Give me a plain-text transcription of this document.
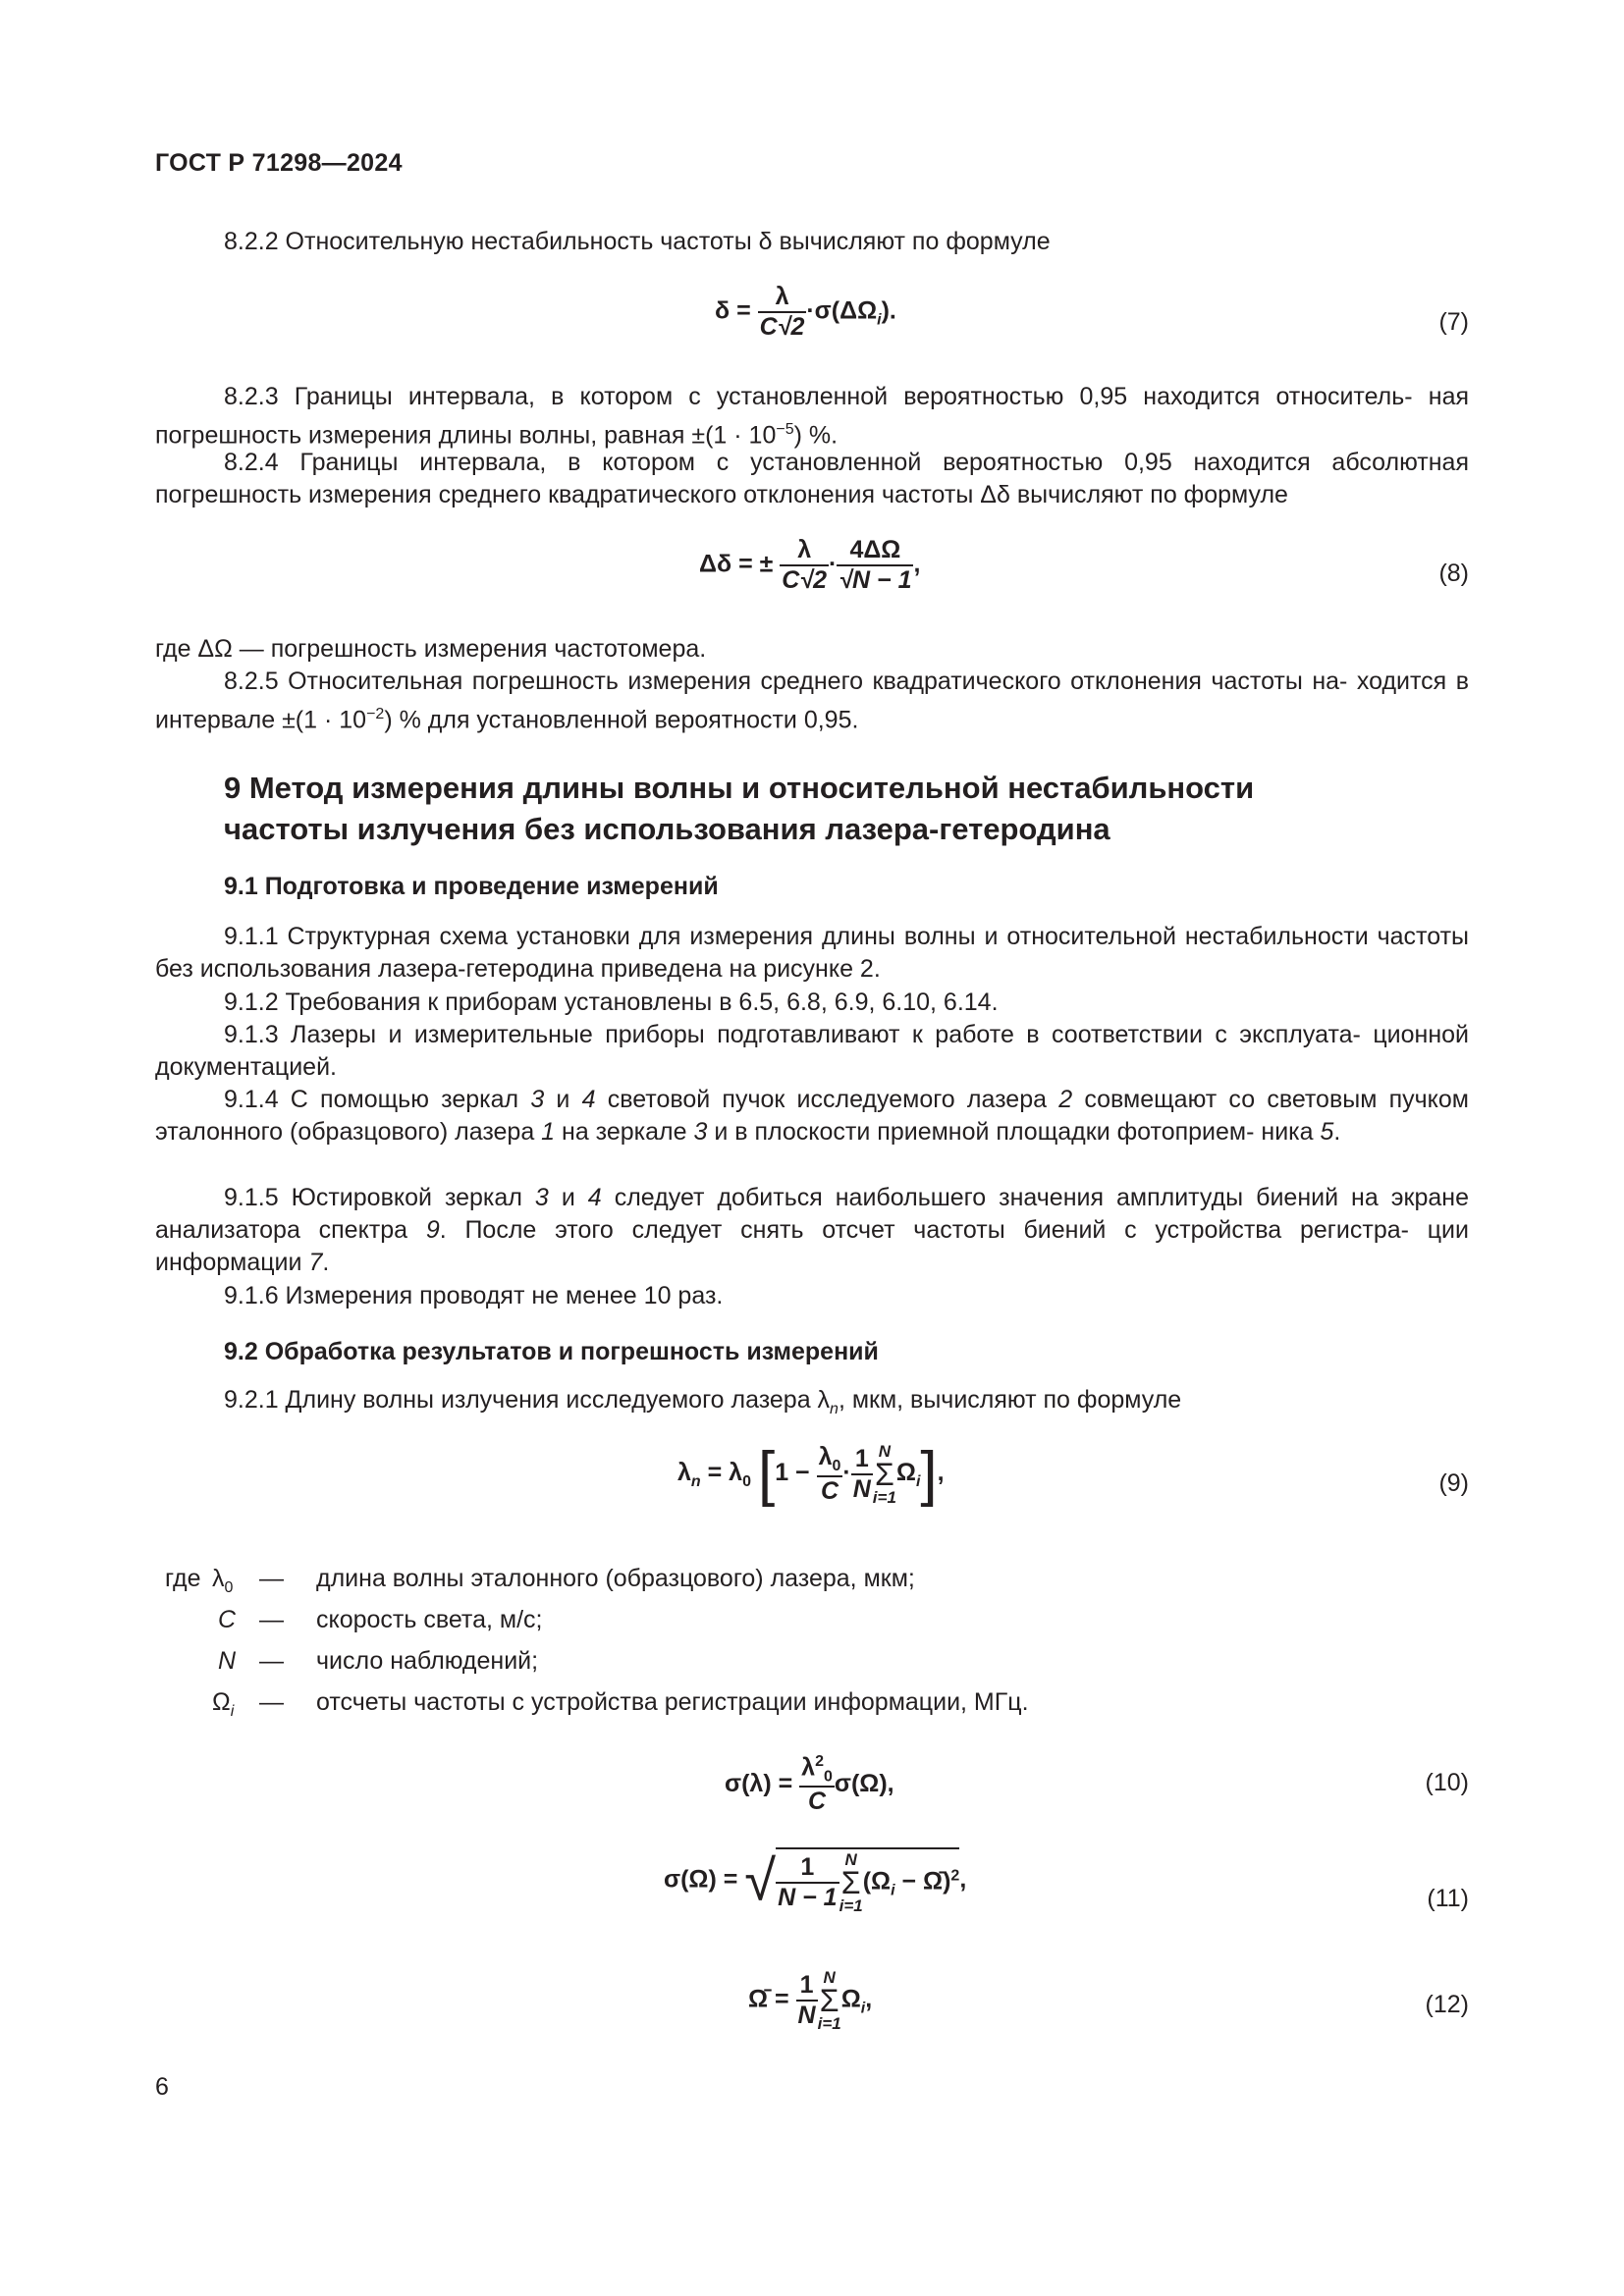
ГОСТ Р 71298—2024
8.2.2 Относительную нестабильность частоты δ вычисляют по формуле
$\delta = \frac{\lambda}{C√2} \cdot\sigma(\Delta\Omega_i)$.	(7)
8.2.3 Границы интервала, в котором с установленной вероятностью 0,95 находится относитель- ная погрешность измерения длины волны, равная $\pm(1 \cdot 10^{-5})$ %.
8.2.4 Границы интервала, в котором с установленной вероятностью 0,95 находится абсолютная погрешность измерения среднего квадратического отклонения частоты Δδ вычисляют по формуле
Δδ = ± $\frac{\lambda}{C√2} \cdot \frac{4\Delta\Omega}{√N - 1}$ ,	(8)
где ΔΩ — погрешность измерения частотомера.
8.2.5 Относительная погрешность измерения среднего квадратического отклонения частоты на- ходится в интервале $\pm(1 \cdot 10^{-2})$ % для установленной вероятности 0,95.
9 Метод измерения длины волны и относительной нестабильности
частоты излучения без использования лазера-гетеродина
9.1 Подготовка и проведение измерений
9.1.1 Структурная схема установки для измерения длины волны и относительной нестабильности частоты без использования лазера-гетеродина приведена на рисунке 2.
9.1.2 Требования к приборам установлены в 6.5, 6.8, 6.9, 6.10, 6.14.
9.1.3 Лазеры и измерительные приборы подготавливают к работе в соответствии с эксплуата- ционной документацией.
9.1.4 С помощью зеркал 3 и 4 световой пучок исследуемого лазера 2 совмещают со световым пучком эталонного (образцового) лазера 1 на зеркале 3 и в плоскости приемной площадки фотоприем- ника 5.
9.1.5 Юстировкой зеркал 3 и 4 следует добиться наибольшего значения амплитуды биений на экране анализатора спектра 9. После этого следует снять отсчет частоты биений с устройства регистра- ции информации 7.
9.1.6 Измерения проводят не менее 10 раз.
9.2 Обработка результатов и погрешность измерений
9.2.1 Длину волны излучения исследуемого лазера $\lambda_n$, мкм, вычисляют по формуле
$\lambda_n = \lambda_0$ [$1 - \frac{\lambda_0}{C} \cdot \frac{1}{N}$ N
Σ
$i=1\Omega_i$],	(9)
где $\lambda_0$ — длина волны эталонного (образцового) лазера, мкм;
C — скорость света, м/с;
N — число наблюдений;
$\Omega_i$ — отсчеты частоты с устройства регистрации информации, МГц.
$\sigma(\lambda) = \frac{\lambda^2_0}{C} \sigma(\Omega)$,	(10)
σ(Ω) = √ $\frac{1}{N - 1}$ N
Σ
$i=1(\Omega_i$ − Ω̄)$^2$,
(11)
Ω̄ = $\frac{1}{N}$ N
Σ
$i=1\Omega_i$,	(12)
6
